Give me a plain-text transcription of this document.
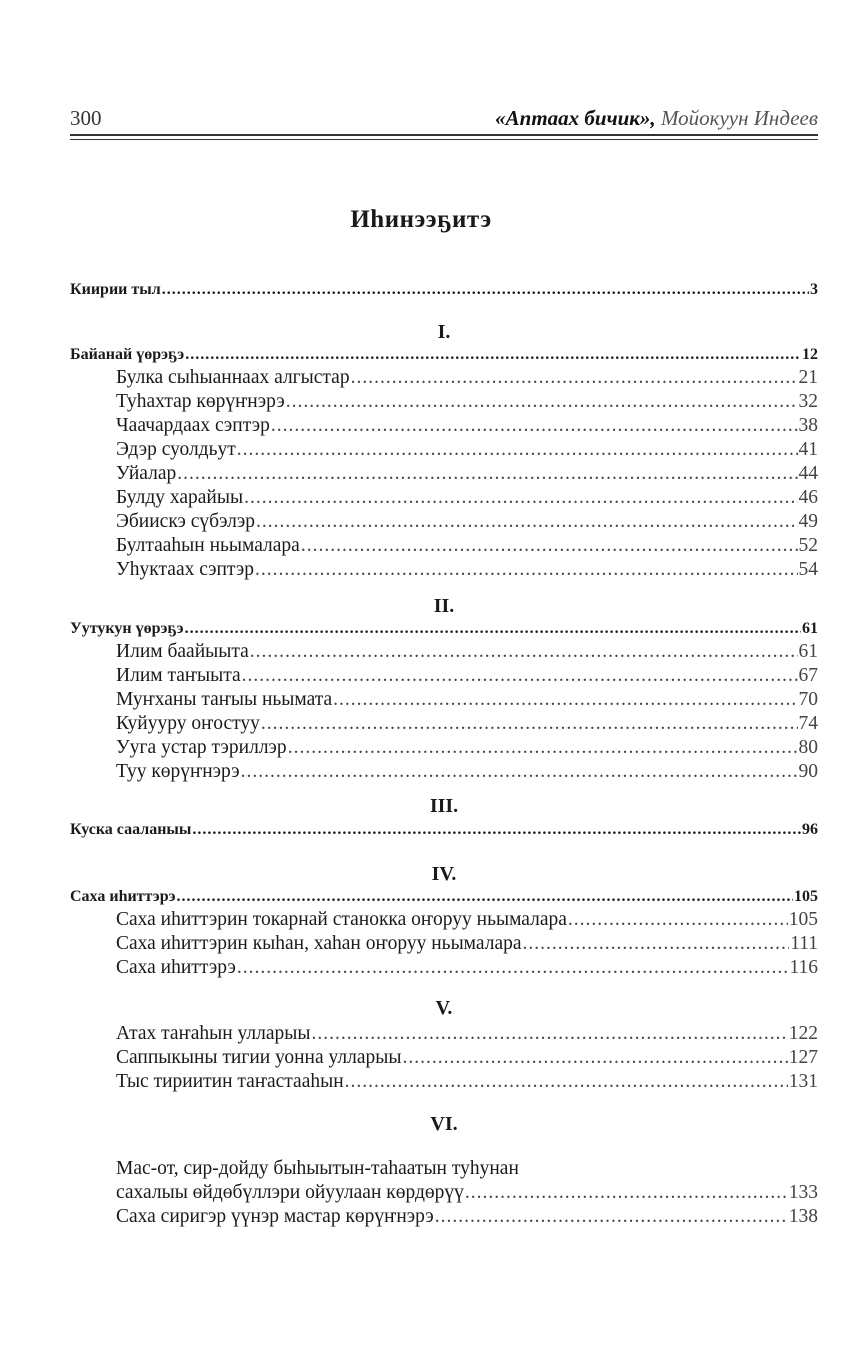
300	«Аптаах бичик», Мойокуун Индеев
Иһинээҕитэ
Киирии тыл .....	3
I.
Байанай үөрэҕэ .....	12
Булка сыһыаннаах алгыстар .....	21
Туһахтар көрүҥнэрэ .....	32
Чаачардаах сэптэр .....	38
Эдэр суолдьут .....	41
Уйалар .....	44
Булду харайыы .....	46
Эбиискэ сүбэлэр .....	49
Бултааһын ньымалара .....	52
Уһуктаах сэптэр .....	54
II.
Уутукун үөрэҕэ .....	61
Илим баайыыта .....	61
Илим таҥыыта .....	67
Муҥханы таҥыы ньымата .....	70
Куйууру оҥостуу .....	74
Ууга устар тэриллэр .....	80
Туу көрүҥнэрэ .....	90
III.
Куска сааланыы .....	96
IV.
Саха иһиттэрэ .....	105
Саха иһиттэрин токарнай станокка оҥоруу ньымалара .....	105
Саха иһиттэрин кыһан, хаһан оҥоруу ньымалара .....	111
Саха иһиттэрэ .....	116
V.
Атах таҥаһын улларыы .....	122
Саппыкыны тигии уонна улларыы .....	127
Тыс тириитин таҥастааһын .....	131
VI.
Мас-от, сир-дойду быһыытын-таһаатын туһунан
сахалыы өйдөбүллэри ойуулаан көрдөрүү .....	133
Саха сиригэр үүнэр мастар көрүҥнэрэ .....	138
